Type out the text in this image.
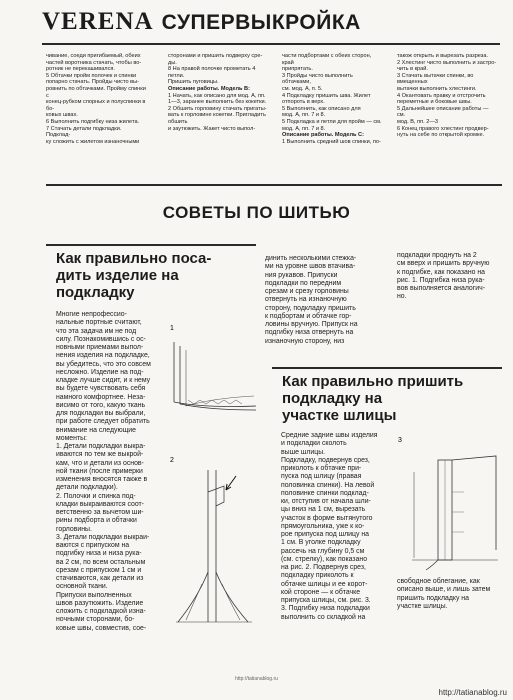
VERENA СУПЕРВЫКРОЙКА

чивание, соеди пригибаемый, обеих

частей воротника стачать, чтобы во-

ротник не перекашивался.

5 Обтачки пройм полочек и спинки

попарно стачать. Пройды чисто вы-

ровнить по обтачками. Пройму спинки с

конец-рубком спорных и полуспинки в бо-

ковых швах.

6 Выполнить подгибку низа жилета.

7 Стачать детали подкладки. Подклад-

ку сложить с жилетом изнаночными

сторонами и пришить подверху сре-

ды.

8 На правой полочке прометать 4 петли.

Пришить пуговицы.

Описание работы. Модель В:

1 Начать, как описано для мод. А, пп.

1—3, заранее выполнить без кокетки.

2 Обшить горловину стачать пригаты-

вать к горловине кокетки. Пригладить обшить

и заутюжить. Жакет чисто выпол-

части подбортами с обеих сторон, край

припрятать.

3 Пройды чисто выполнить обтачками,

см. мод. А, п. 5.

4 Подкладку пришить шва. Жилет

отпороть в верх.

5 Выполнить, как описано для

мод. А, пп. 7 и 8.

5 Подкладка и петли для пройм — см.

мод. А, пп. 7 и 8.

Описание работы. Модель С:

1 Выполнить средний шов спинки, по-

також открыть и вырезать разреза.

2 Хлестинг чисто выполнить и застро-

чить в край.

3 Стачать вытачки спинки, во вмещенных

вытачки выполнить хлестинги.

4 Окантовать правку и отстрочить

переметные и боковые швы.

5 Дальнейшее описание работы — см.

мод. В, пп. 2—3

6 Конец правого хлестинг продвер-

нуть на себе по открытой кромке.

СОВЕТЫ ПО ШИТЬЮ
Как правильно поса-
дить изделие на
подкладку

Многие непрофессио-

нальные портные считают,

что эта задача им не под

силу. Познакомившись с ос-

новными приемами выпол-

нения изделия на подкладке,

вы убедитесь, что это совсем

несложно. Изделие на под-

кладке лучше сидит, и к нему

вы будете чувствовать себя

намного комфортнее. Неза-

висимо от того, какую ткань

для подкладки вы выбрали,

при работе следует обратить

внимание на следующие

моменты:

1. Детали подкладки выкра-

иваются по тем же выкрой-

кам, что и детали из основ-

ной ткани (после примерки

изменения вносятся также в

детали подкладки).

2. Полочки и спинка под-

кладки выкраиваются соот-

ветственно за вычетом ши-

рины подборта и обтачки

горловины.

3. Детали подкладки выкраи-

ваются с припуском на

подгибку низа и низа рука-

ва 2 см, по всем остальным

срезам с припуском 1 см и

стачиваются, как детали из

основной ткани.

Припуски выполненных

швов разутюжить. Изделие

сложить с подкладкой изна-

ночными сторонами, бо-

ковые швы, совместив, сое-

динить несколькими стежка-

ми на уровне швов втачива-

ния рукавов. Припуски

подкладки по передним

срезам и срезу горловины

отвернуть на изнаночную

сторону, подкладку пришить

к подбортам и обтачке гор-

ловины вручную. Припуск на

подгибку низа отвернуть на

изнаночную сторону, низ

подкладки проднуть на 2

см вверх и пришить вручную

к подгибке, как показано на

рис. 1. Подгибка низа рука-

вов выполняется аналогич-

но.

1
2
Как правильно пришить
подкладку на
участке шлицы

Средние задние швы изделия

и подкладки сколоть

выше шлицы.

Подкладку, подвернув срез,

приколоть к обтачке при-

пуска под шлицу (правая

половинка спинки). На левой

половинке спинки подклад-

ки, отступив от начала шли-

цы вниз на 1 см, вырезать

участок в форме вытянутого

прямоугольника, уже к ко-

рое припуска под шлицу на

1 см. В уголке подкладку

рассечь на глубину 0,5 см

(см. стрелку), как показано

на рис. 2. Подвернув срез,

подкладку приколоть к

обтачке шлицы и ее корот-

кой стороне — к обтачке

припуска шлицы, см. рис. 3.

3. Подгибку низа подкладки

выполнить со складкой на

свободное облегание, как

описано выше, и лишь затем

пришить подкладку на

участке шлицы.

3
http://tatianablog.ru
http://tatianablog.ru
